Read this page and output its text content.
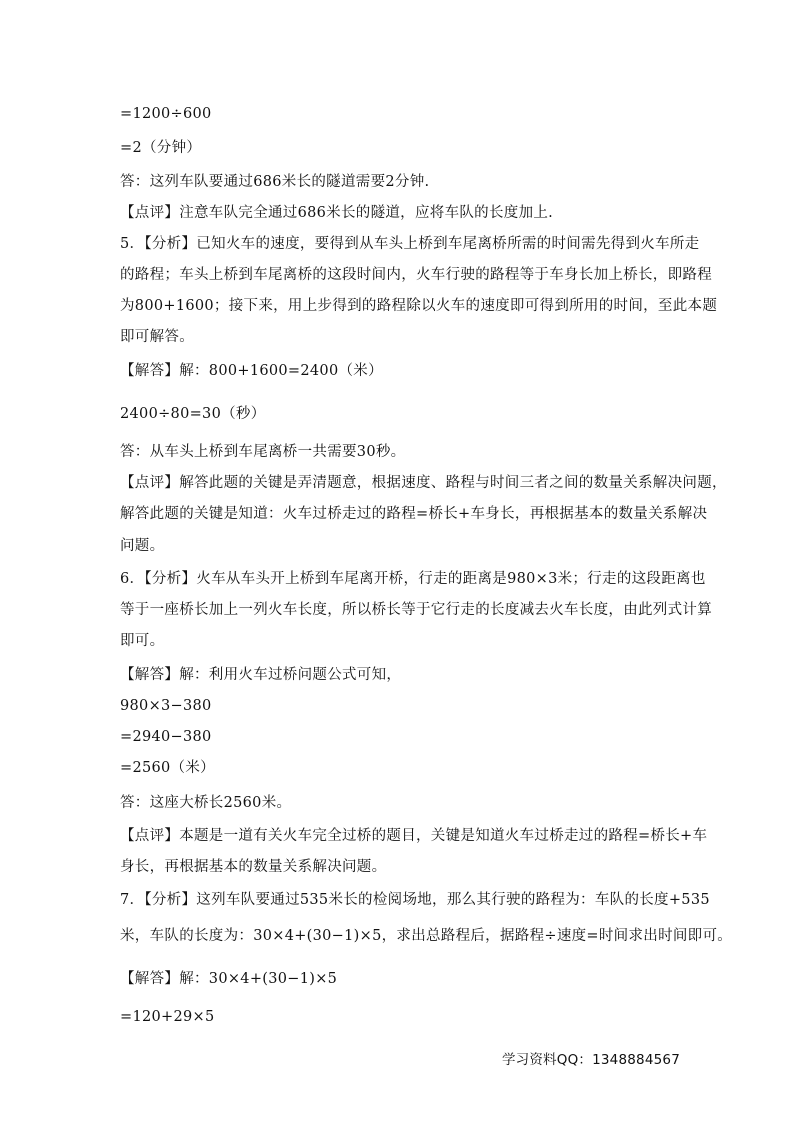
=1200÷600
=2（分钟）
答：这列车队要通过686米长的隧道需要2分钟.
【点评】注意车队完全通过686米长的隧道，应将车队的长度加上.
5．【分析】已知火车的速度，要得到从车头上桥到车尾离桥所需的时间需先得到火车所走
的路程；车头上桥到车尾离桥的这段时间内，火车行驶的路程等于车身长加上桥长，即路程
为800+1600；接下来，用上步得到的路程除以火车的速度即可得到所用的时间，至此本题
即可解答。
【解答】解：800+1600=2400（米）
2400÷80=30（秒）
答：从车头上桥到车尾离桥一共需要30秒。
【点评】解答此题的关键是弄清题意，根据速度、路程与时间三者之间的数量关系解决问题，
解答此题的关键是知道：火车过桥走过的路程=桥长+车身长，再根据基本的数量关系解决
问题。
6．【分析】火车从车头开上桥到车尾离开桥，行走的距离是980×3米；行走的这段距离也
等于一座桥长加上一列火车长度，所以桥长等于它行走的长度减去火车长度，由此列式计算
即可。
【解答】解：利用火车过桥问题公式可知，
980×3−380
=2940−380
=2560（米）
答：这座大桥长2560米。
【点评】本题是一道有关火车完全过桥的题目，关键是知道火车过桥走过的路程=桥长+车
身长，再根据基本的数量关系解决问题。
7．【分析】这列车队要通过535米长的检阅场地，那么其行驶的路程为：车队的长度+535
米，车队的长度为：30×4+(30−1)×5，求出总路程后，据路程÷速度=时间求出时间即可。
【解答】解：30×4+(30−1)×5
=120+29×5
学习资料QQ：1348884567
